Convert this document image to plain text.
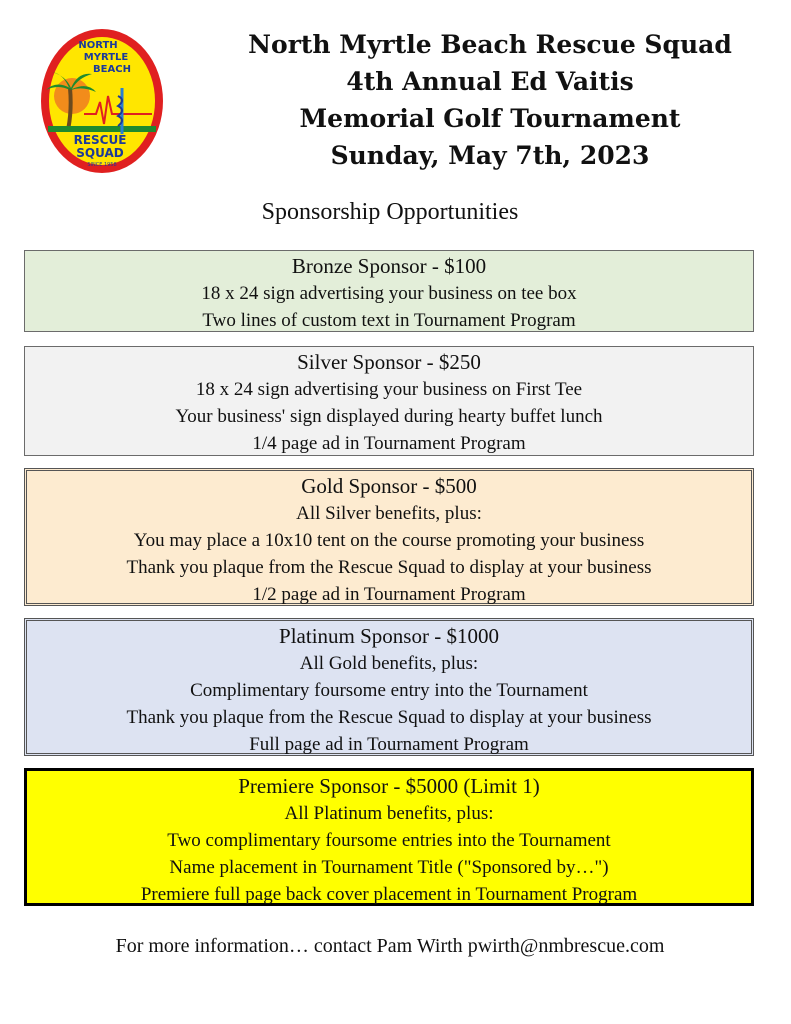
NORTH
MYRTLE
BEACH
RESCUE
SQUAD
SINCE 1958
North Myrtle Beach Rescue Squad
4th Annual Ed Vaitis
Memorial Golf Tournament
Sunday, May 7th, 2023
Sponsorship Opportunities
Bronze Sponsor - $100
18 x 24 sign advertising your business on tee box
Two lines of custom text in Tournament Program
Silver Sponsor - $250
18 x 24 sign advertising your business on First Tee
Your business' sign displayed during hearty buffet lunch
1/4 page ad in Tournament Program
Gold Sponsor - $500
All Silver benefits, plus:
You may place a 10x10 tent on the course promoting your business
Thank you plaque from the Rescue Squad to display at your business
1/2 page ad in Tournament Program
Platinum Sponsor - $1000
All Gold benefits, plus:
Complimentary foursome entry into the Tournament
Thank you plaque from the Rescue Squad to display at your business
Full page ad in Tournament Program
Premiere Sponsor - $5000 (Limit 1)
All Platinum benefits, plus:
Two complimentary foursome entries into the Tournament
Name placement in Tournament Title ("Sponsored by…")
Premiere full page back cover placement in Tournament Program
For more information… contact Pam Wirth pwirth@nmbrescue.com
